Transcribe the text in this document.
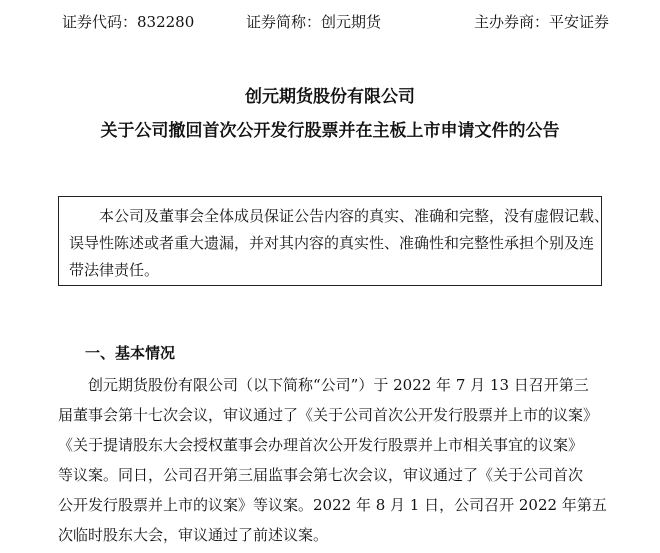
证券代码：832280	证券简称：创元期货	主办券商：平安证券
创元期货股份有限公司
关于公司撤回首次公开发行股票并在主板上市申请文件的公告
本公司及董事会全体成员保证公告内容的真实、准确和完整，没有虚假记载、
误导性陈述或者重大遗漏，并对其内容的真实性、准确性和完整性承担个别及连
带法律责任。
一、基本情况
创元期货股份有限公司（以下简称“公司”）于 2022 年 7 月 13 日召开第三
届董事会第十七次会议，审议通过了《关于公司首次公开发行股票并上市的议案》
《关于提请股东大会授权董事会办理首次公开发行股票并上市相关事宜的议案》
等议案。同日，公司召开第三届监事会第七次会议，审议通过了《关于公司首次
公开发行股票并上市的议案》等议案。2022 年 8 月 1 日，公司召开 2022 年第五
次临时股东大会，审议通过了前述议案。
